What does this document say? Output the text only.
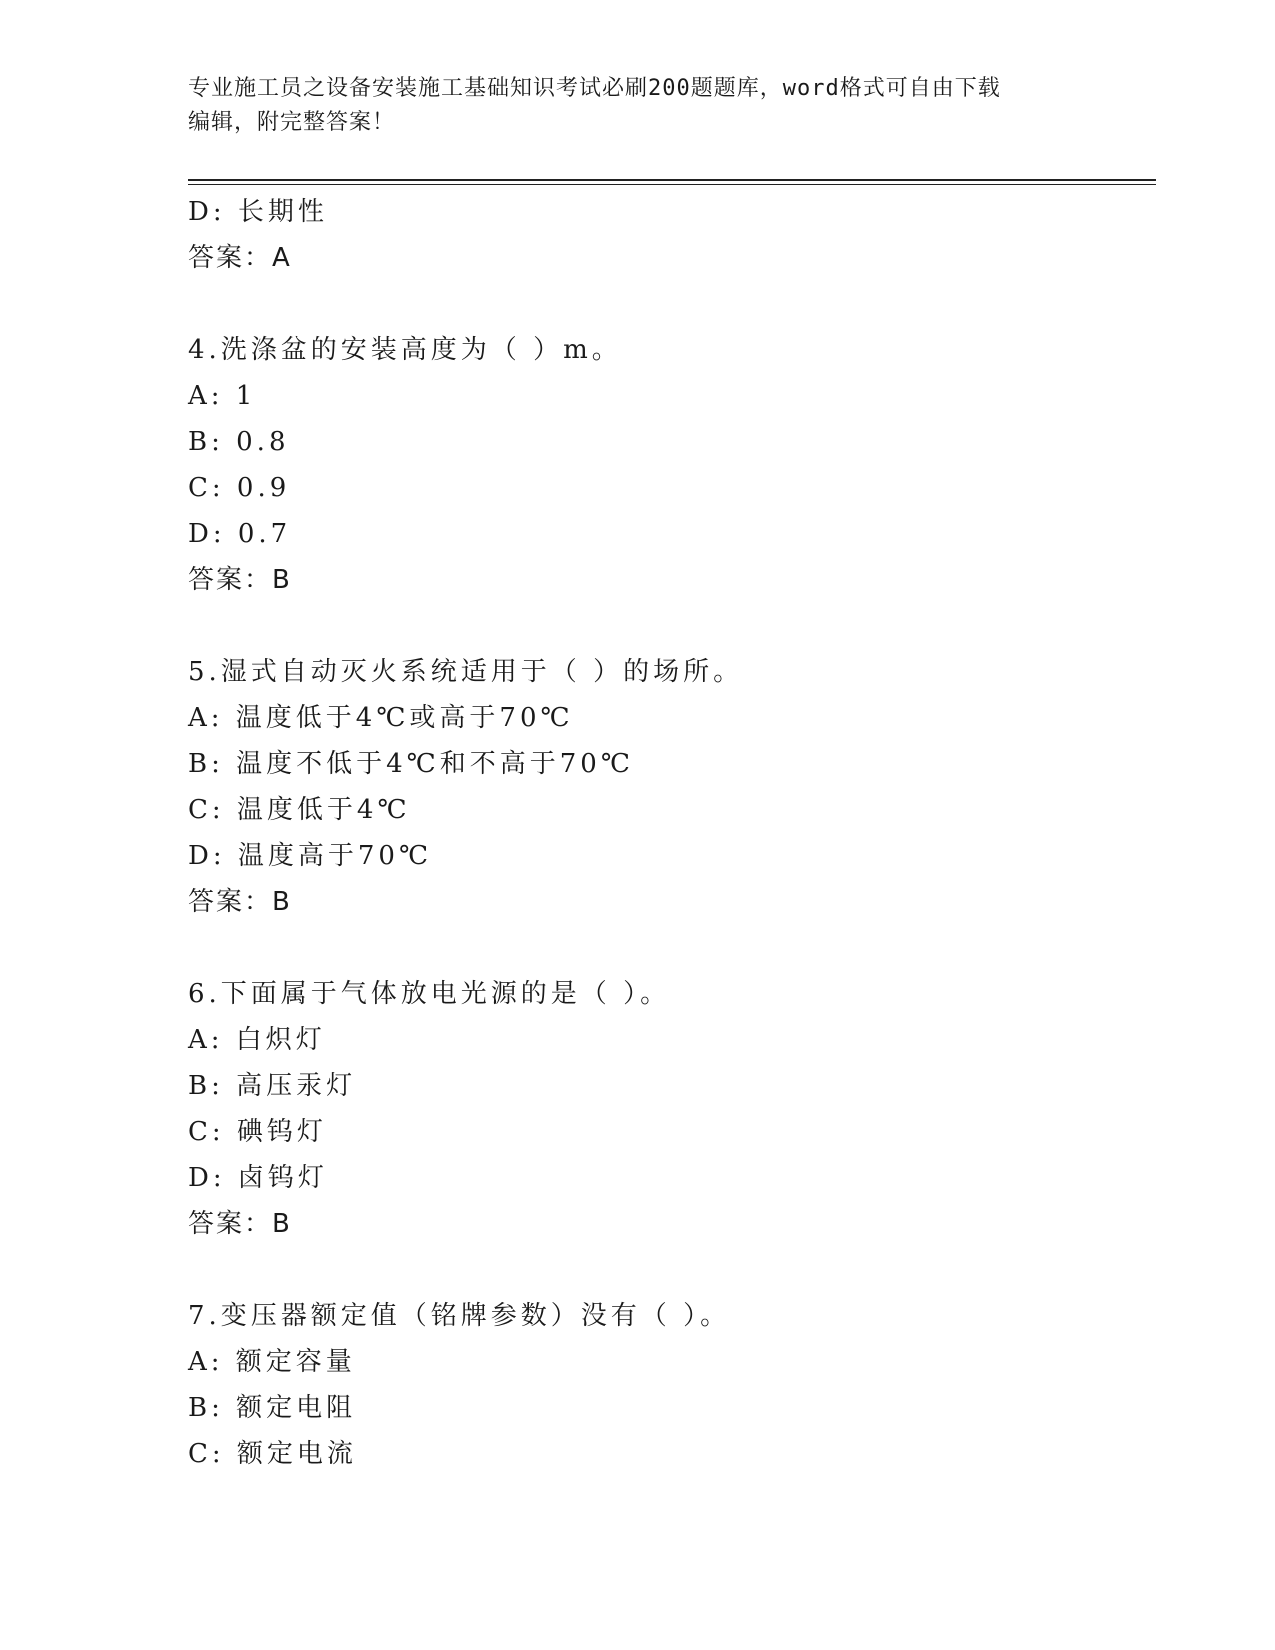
专业施工员之设备安装施工基础知识考试必刷200题题库，word格式可自由下载
编辑，附完整答案！
D: 长期性
答案：A
4.洗涤盆的安装高度为（ ）m。
A: 1
B: 0.8
C: 0.9
D: 0.7
答案：B
5.湿式自动灭火系统适用于（ ）的场所。
A: 温度低于4℃或高于70℃
B: 温度不低于4℃和不高于70℃
C: 温度低于4℃
D: 温度高于70℃
答案：B
6.下面属于气体放电光源的是（ ）。
A: 白炽灯
B: 高压汞灯
C: 碘钨灯
D: 卤钨灯
答案：B
7.变压器额定值（铭牌参数）没有（ ）。
A: 额定容量
B: 额定电阻
C: 额定电流
